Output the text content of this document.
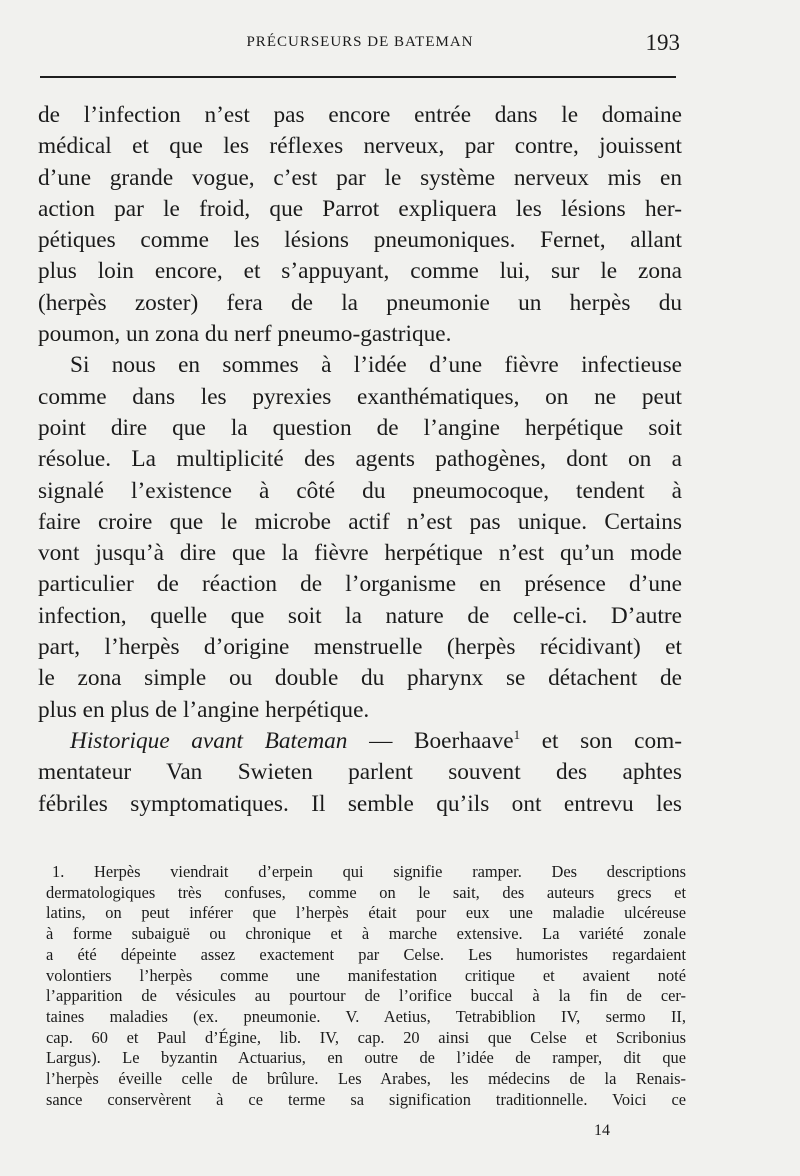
PRÉCURSEURS DE BATEMAN	193
de l’infection n’est pas encore entrée dans le domaine
médical et que les réflexes nerveux, par contre, jouissent
d’une grande vogue, c’est par le système nerveux mis en
action par le froid, que Parrot expliquera les lésions her-
pétiques comme les lésions pneumoniques. Fernet, allant
plus loin encore, et s’appuyant, comme lui, sur le zona
(herpès zoster) fera de la pneumonie un herpès du
poumon, un zona du nerf pneumo-gastrique.
Si nous en sommes à l’idée d’une fièvre infectieuse
comme dans les pyrexies exanthématiques, on ne peut
point dire que la question de l’angine herpétique soit
résolue. La multiplicité des agents pathogènes, dont on a
signalé l’existence à côté du pneumocoque, tendent à
faire croire que le microbe actif n’est pas unique. Certains
vont jusqu’à dire que la fièvre herpétique n’est qu’un mode
particulier de réaction de l’organisme en présence d’une
infection, quelle que soit la nature de celle-ci. D’autre
part, l’herpès d’origine menstruelle (herpès récidivant) et
le zona simple ou double du pharynx se détachent de
plus en plus de l’angine herpétique.
Historique avant Bateman — Boerhaave$^1$ et son com-
mentateur Van Swieten parlent souvent des aphtes
fébriles symptomatiques. Il semble qu’ils ont entrevu les
1. Herpès viendrait d’erpein qui signifie ramper. Des descriptions
dermatologiques très confuses, comme on le sait, des auteurs grecs et
latins, on peut inférer que l’herpès était pour eux une maladie ulcéreuse
à forme subaiguë ou chronique et à marche extensive. La variété zonale
a été dépeinte assez exactement par Celse. Les humoristes regardaient
volontiers l’herpès comme une manifestation critique et avaient noté
l’apparition de vésicules au pourtour de l’orifice buccal à la fin de cer-
taines maladies (ex. pneumonie. V. Aetius, Tetrabiblion IV, sermo II,
cap. 60 et Paul d’Égine, lib. IV, cap. 20 ainsi que Celse et Scribonius
Largus). Le byzantin Actuarius, en outre de l’idée de ramper, dit que
l’herpès éveille celle de brûlure. Les Arabes, les médecins de la Renais-
sance conservèrent à ce terme sa signification traditionnelle. Voici ce
14
